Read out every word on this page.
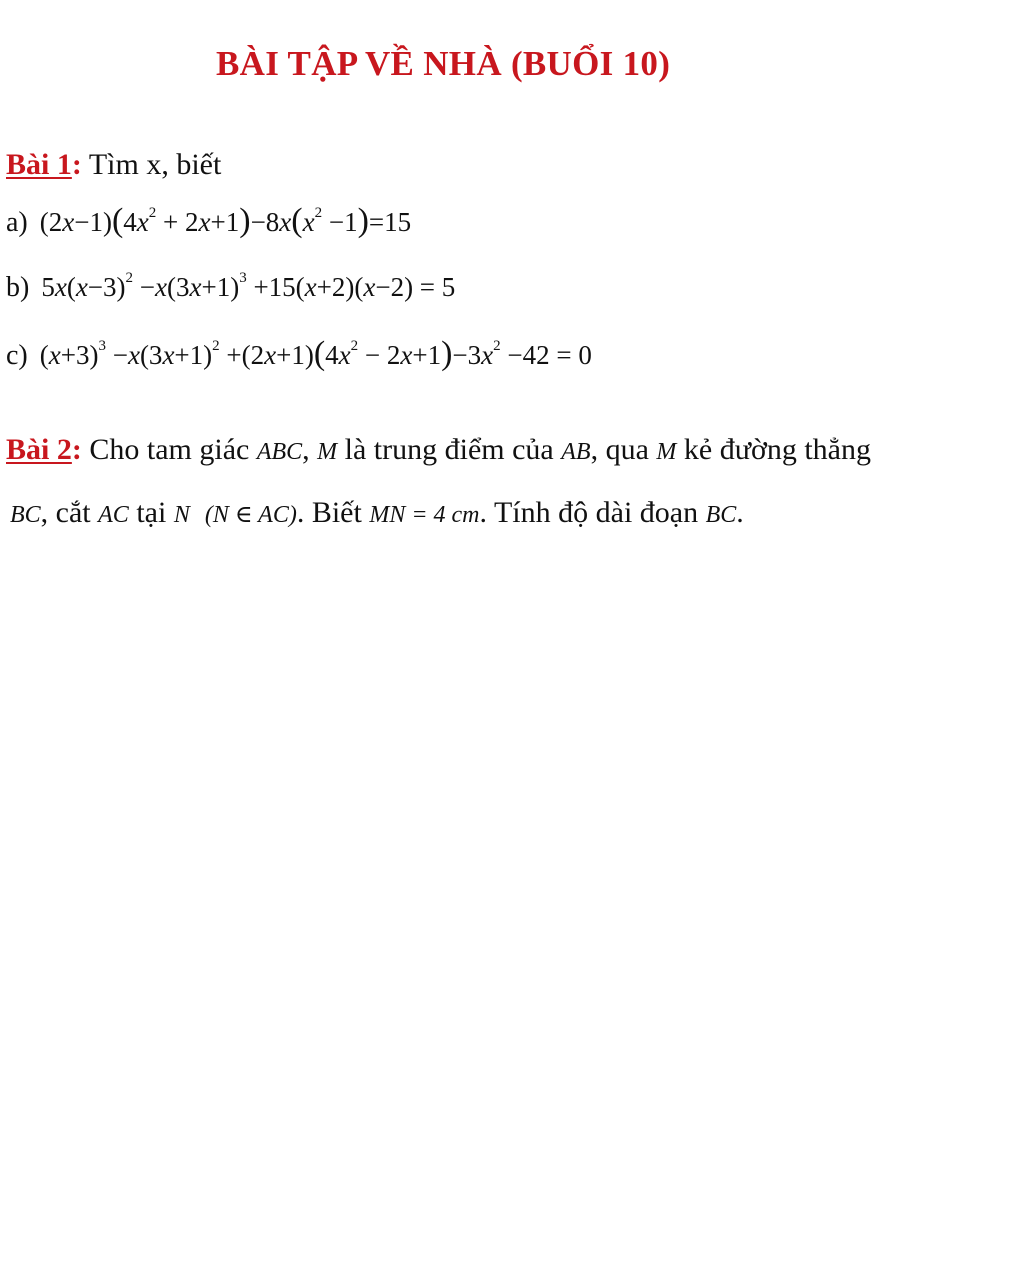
BÀI TẬP VỀ NHÀ (BUỔI 10)
Bài 1: Tìm x, biết
a) $(2x-1)(4x^2 + 2x+1)-8x(x^2 -1)=15$
b) $5x(x-3)^2 -x(3x+1)^3 +15(x+2)(x-2) = 5$
c) $(x+3)^3 -x(3x+1)^2 +(2x+1)(4x^2 - 2x+1)-3x^2 -42 = 0$
Bài 2: Cho tam giác ABC, M là trung điểm của AB, qua M kẻ đường thẳng
BC, cắt AC tại N (N ∈ AC). Biết MN = 4 cm. Tính độ dài đoạn BC.
